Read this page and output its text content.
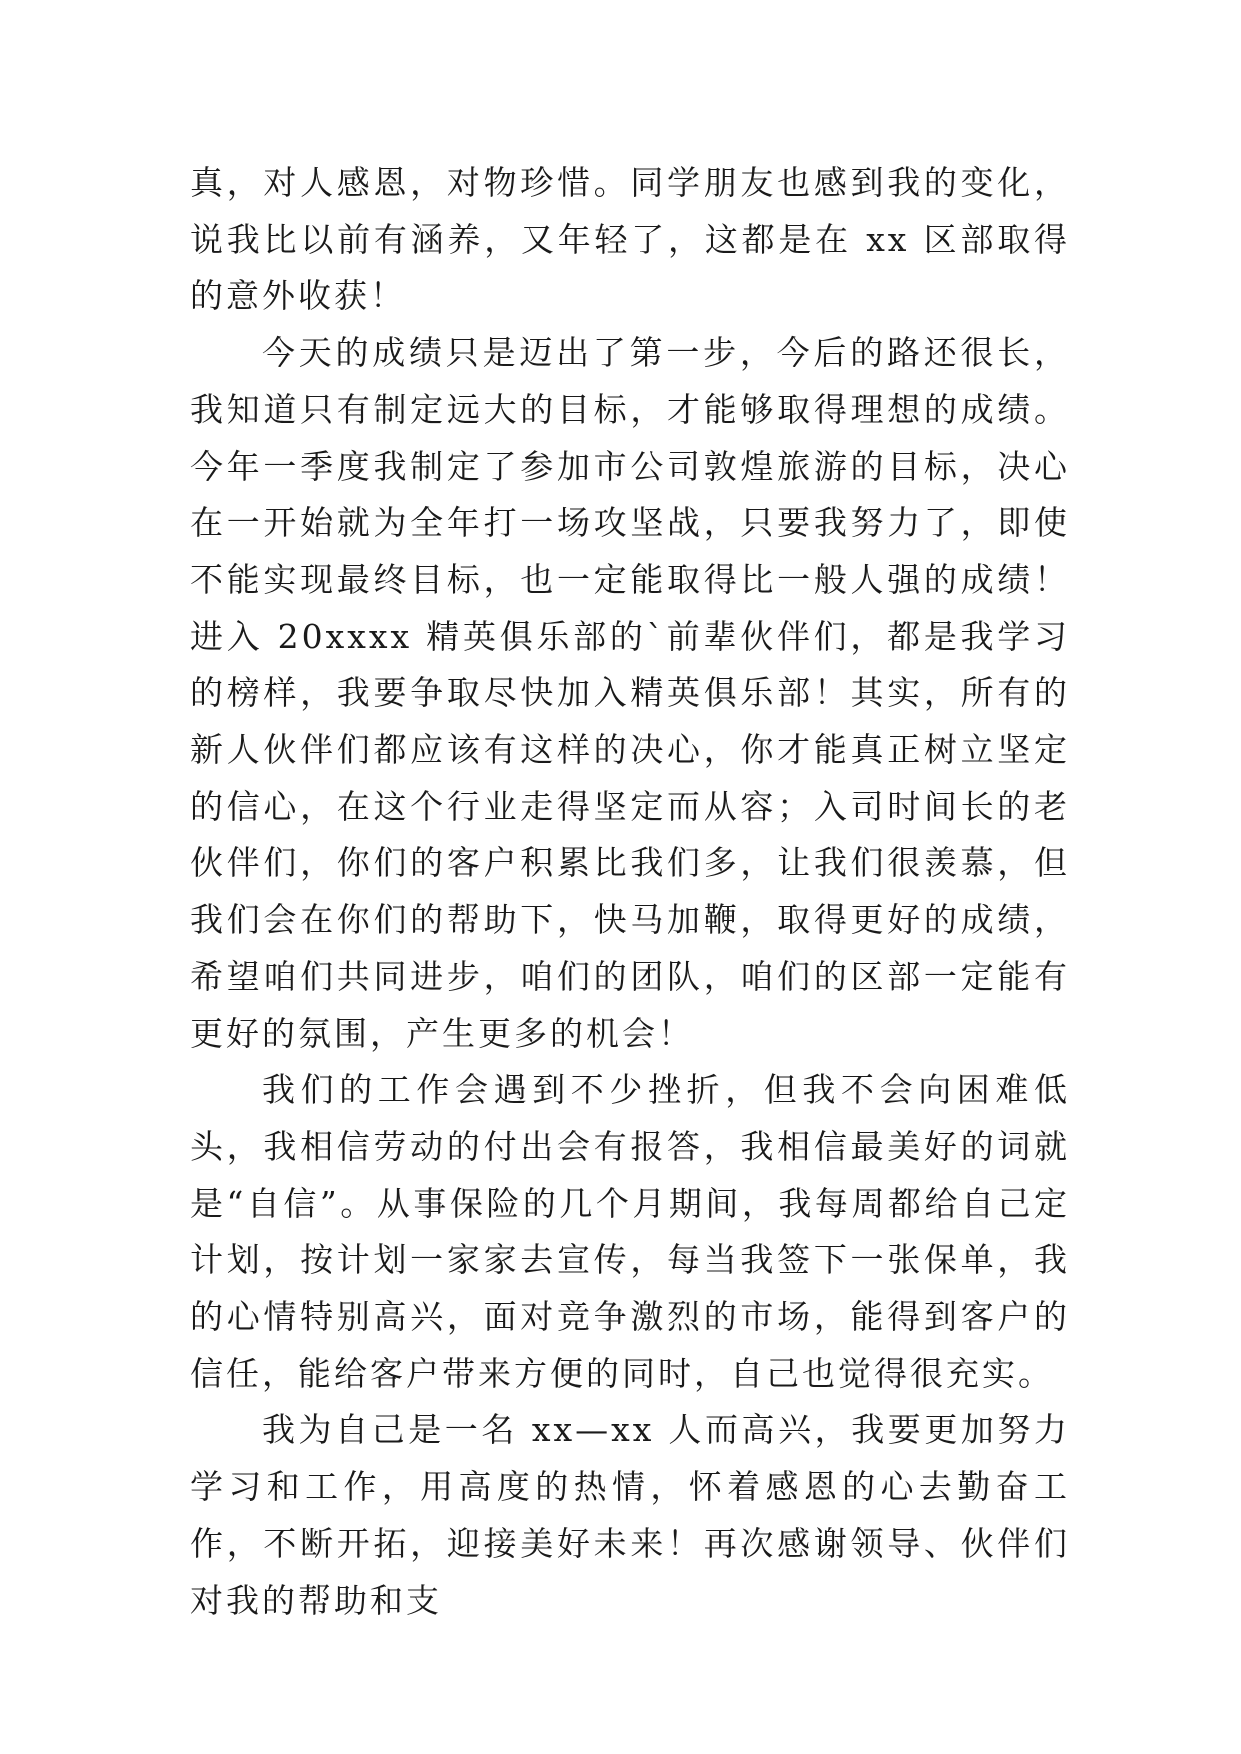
真，对人感恩，对物珍惜。同学朋友也感到我的变化，说我比以前有涵养，又年轻了，这都是在 xx 区部取得的意外收获！

今天的成绩只是迈出了第一步，今后的路还很长，我知道只有制定远大的目标，才能够取得理想的成绩。今年一季度我制定了参加市公司敦煌旅游的目标，决心在一开始就为全年打一场攻坚战，只要我努力了，即使不能实现最终目标，也一定能取得比一般人强的成绩！进入 20xxxx 精英俱乐部的`前辈伙伴们，都是我学习的榜样，我要争取尽快加入精英俱乐部！其实，所有的新人伙伴们都应该有这样的决心，你才能真正树立坚定的信心，在这个行业走得坚定而从容；入司时间长的老伙伴们，你们的客户积累比我们多，让我们很羡慕，但我们会在你们的帮助下，快马加鞭，取得更好的成绩，希望咱们共同进步，咱们的团队，咱们的区部一定能有更好的氛围，产生更多的机会！

我们的工作会遇到不少挫折，但我不会向困难低头，我相信劳动的付出会有报答，我相信最美好的词就是“自信”。从事保险的几个月期间，我每周都给自己定计划，按计划一家家去宣传，每当我签下一张保单，我的心情特别高兴，面对竞争激烈的市场，能得到客户的信任，能给客户带来方便的同时，自己也觉得很充实。

我为自己是一名 xx—xx 人而高兴，我要更加努力学习和工作，用高度的热情，怀着感恩的心去勤奋工作，不断开拓，迎接美好未来！再次感谢领导、伙伴们对我的帮助和支
